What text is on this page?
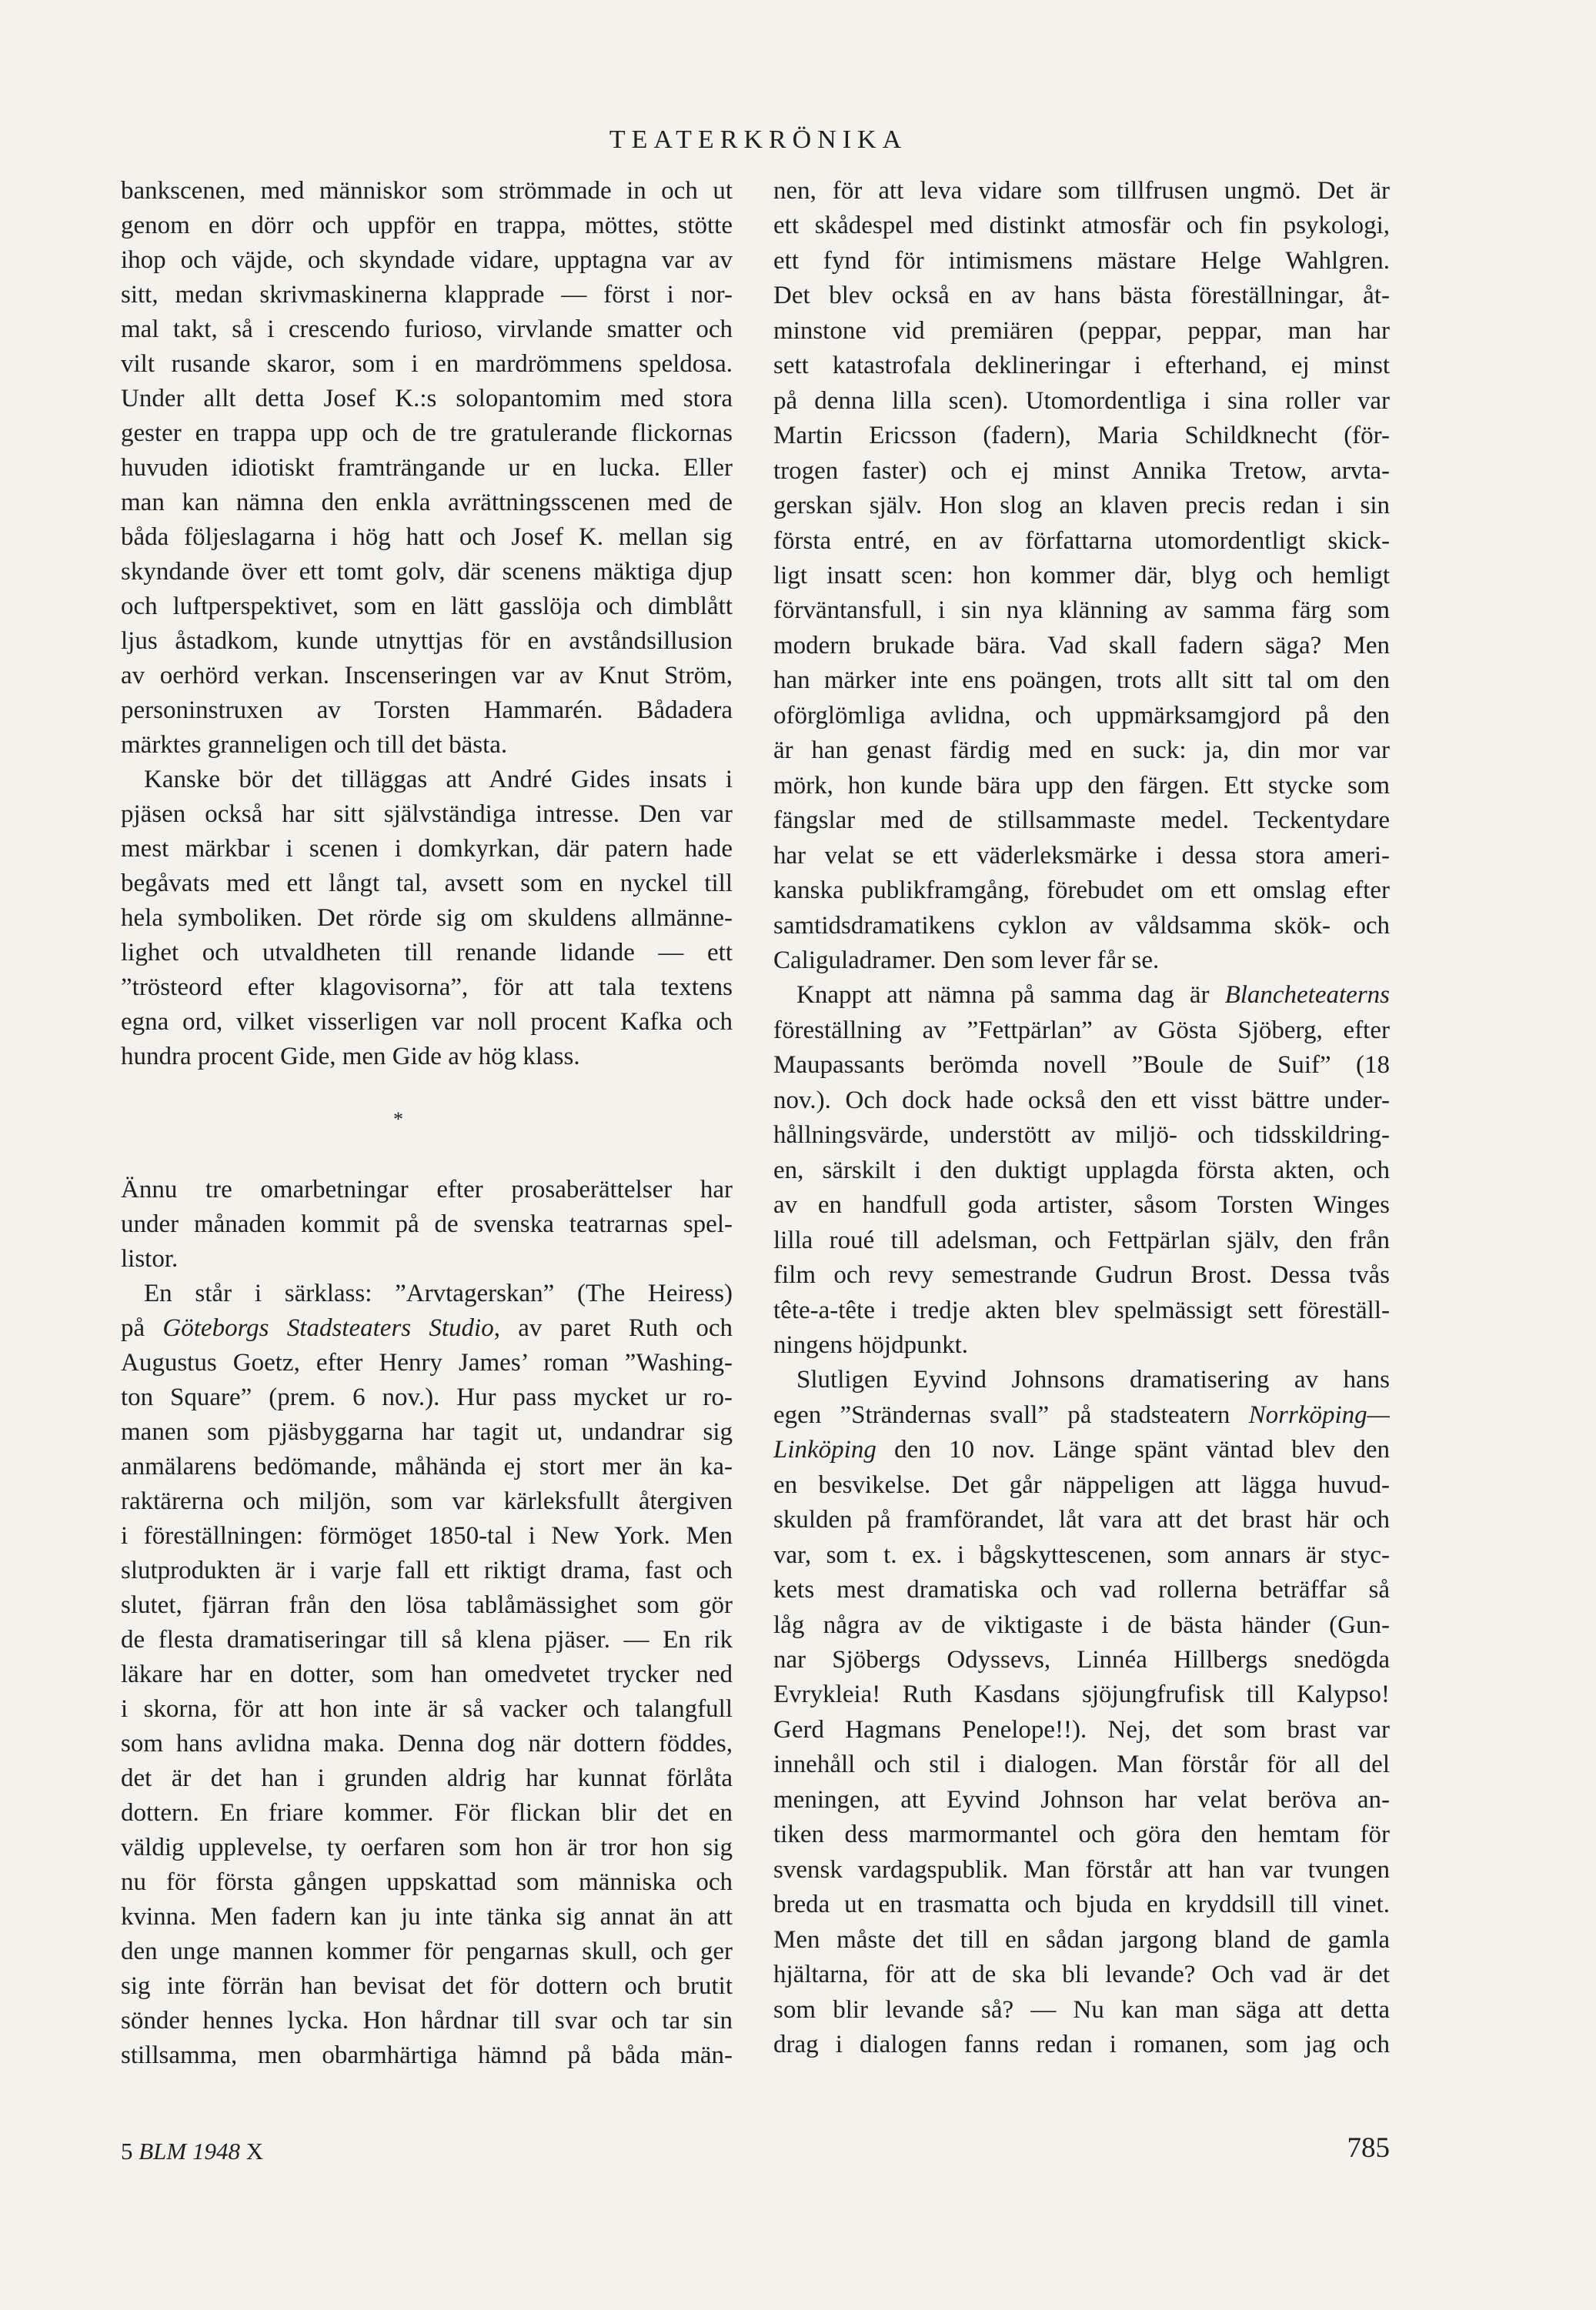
TEATERKRÖNIKA
bankscenen, med människor som strömmade in och ut
genom en dörr och uppför en trappa, möttes, stötte
ihop och väjde, och skyndade vidare, upptagna var av
sitt, medan skrivmaskinerna klapprade — först i nor-
mal takt, så i crescendo furioso, virvlande smatter och
vilt rusande skaror, som i en mardrömmens speldosa.
Under allt detta Josef K.:s solopantomim med stora
gester en trappa upp och de tre gratulerande flickornas
huvuden idiotiskt framträngande ur en lucka. Eller
man kan nämna den enkla avrättningsscenen med de
båda följeslagarna i hög hatt och Josef K. mellan sig
skyndande över ett tomt golv, där scenens mäktiga djup
och luftperspektivet, som en lätt gasslöja och dimblått
ljus åstadkom, kunde utnyttjas för en avståndsillusion
av oerhörd verkan. Inscenseringen var av Knut Ström,
personinstruxen av Torsten Hammarén. Bådadera
märktes granneligen och till det bästa.
Kanske bör det tilläggas att André Gides insats i
pjäsen också har sitt självständiga intresse. Den var
mest märkbar i scenen i domkyrkan, där patern hade
begåvats med ett långt tal, avsett som en nyckel till
hela symboliken. Det rörde sig om skuldens allmänne-
lighet och utvaldheten till renande lidande — ett
”trösteord efter klagovisorna”, för att tala textens
egna ord, vilket visserligen var noll procent Kafka och
hundra procent Gide, men Gide av hög klass.
*
Ännu tre omarbetningar efter prosaberättelser har
under månaden kommit på de svenska teatrarnas spel-
listor.
En står i särklass: ”Arvtagerskan” (The Heiress)
på Göteborgs Stadsteaters Studio, av paret Ruth och
Augustus Goetz, efter Henry James’ roman ”Washing-
ton Square” (prem. 6 nov.). Hur pass mycket ur ro-
manen som pjäsbyggarna har tagit ut, undandrar sig
anmälarens bedömande, måhända ej stort mer än ka-
raktärerna och miljön, som var kärleksfullt återgiven
i föreställningen: förmöget 1850-tal i New York. Men
slutprodukten är i varje fall ett riktigt drama, fast och
slutet, fjärran från den lösa tablåmässighet som gör
de flesta dramatiseringar till så klena pjäser. — En rik
läkare har en dotter, som han omedvetet trycker ned
i skorna, för att hon inte är så vacker och talangfull
som hans avlidna maka. Denna dog när dottern föddes,
det är det han i grunden aldrig har kunnat förlåta
dottern. En friare kommer. För flickan blir det en
väldig upplevelse, ty oerfaren som hon är tror hon sig
nu för första gången uppskattad som människa och
kvinna. Men fadern kan ju inte tänka sig annat än att
den unge mannen kommer för pengarnas skull, och ger
sig inte förrän han bevisat det för dottern och brutit
sönder hennes lycka. Hon hårdnar till svar och tar sin
stillsamma, men obarmhärtiga hämnd på båda män-
nen, för att leva vidare som tillfrusen ungmö. Det är
ett skådespel med distinkt atmosfär och fin psykologi,
ett fynd för intimismens mästare Helge Wahlgren.
Det blev också en av hans bästa föreställningar, åt-
minstone vid premiären (peppar, peppar, man har
sett katastrofala deklineringar i efterhand, ej minst
på denna lilla scen). Utomordentliga i sina roller var
Martin Ericsson (fadern), Maria Schildknecht (för-
trogen faster) och ej minst Annika Tretow, arvta-
gerskan själv. Hon slog an klaven precis redan i sin
första entré, en av författarna utomordentligt skick-
ligt insatt scen: hon kommer där, blyg och hemligt
förväntansfull, i sin nya klänning av samma färg som
modern brukade bära. Vad skall fadern säga? Men
han märker inte ens poängen, trots allt sitt tal om den
oförglömliga avlidna, och uppmärksamgjord på den
är han genast färdig med en suck: ja, din mor var
mörk, hon kunde bära upp den färgen. Ett stycke som
fängslar med de stillsammaste medel. Teckentydare
har velat se ett väderleksmärke i dessa stora ameri-
kanska publikframgång, förebudet om ett omslag efter
samtidsdramatikens cyklon av våldsamma skök- och
Caliguladramer. Den som lever får se.
Knappt att nämna på samma dag är Blancheteaterns
föreställning av ”Fettpärlan” av Gösta Sjöberg, efter
Maupassants berömda novell ”Boule de Suif” (18
nov.). Och dock hade också den ett visst bättre under-
hållningsvärde, understött av miljö- och tidsskildring-
en, särskilt i den duktigt upplagda första akten, och
av en handfull goda artister, såsom Torsten Winges
lilla roué till adelsman, och Fettpärlan själv, den från
film och revy semestrande Gudrun Brost. Dessa tvås
tête-a-tête i tredje akten blev spelmässigt sett föreställ-
ningens höjdpunkt.
Slutligen Eyvind Johnsons dramatisering av hans
egen ”Strändernas svall” på stadsteatern Norrköping—
Linköping den 10 nov. Länge spänt väntad blev den
en besvikelse. Det går näppeligen att lägga huvud-
skulden på framförandet, låt vara att det brast här och
var, som t. ex. i bågskyttescenen, som annars är styc-
kets mest dramatiska och vad rollerna beträffar så
låg några av de viktigaste i de bästa händer (Gun-
nar Sjöbergs Odyssevs, Linnéa Hillbergs snedögda
Evrykleia! Ruth Kasdans sjöjungfrufisk till Kalypso!
Gerd Hagmans Penelope!!). Nej, det som brast var
innehåll och stil i dialogen. Man förstår för all del
meningen, att Eyvind Johnson har velat beröva an-
tiken dess marmormantel och göra den hemtam för
svensk vardagspublik. Man förstår att han var tvungen
breda ut en trasmatta och bjuda en kryddsill till vinet.
Men måste det till en sådan jargong bland de gamla
hjältarna, för att de ska bli levande? Och vad är det
som blir levande så? — Nu kan man säga att detta
drag i dialogen fanns redan i romanen, som jag och
5 BLM 1948 X	785
